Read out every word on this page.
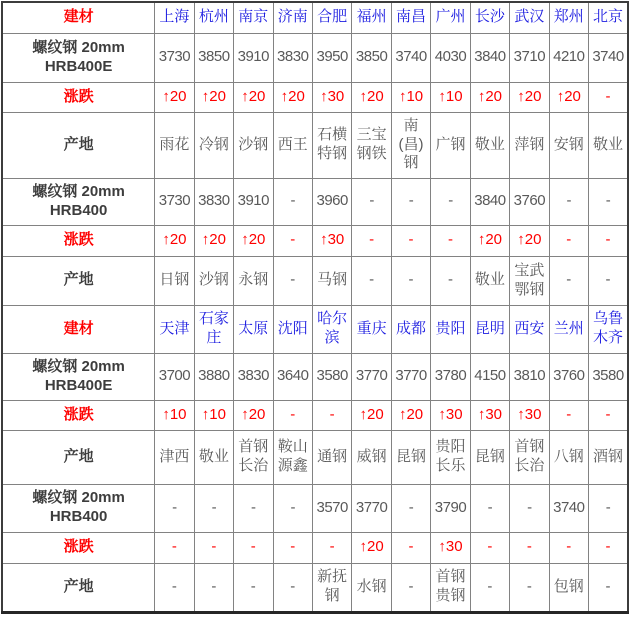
建材	上海	杭州	南京	济南	合肥	福州	南昌	广州	长沙	武汉	郑州	北京
螺纹钢 20mm HRB400E	3730	3850	3910	3830	3950	3850	3740	4030	3840	3710	4210	3740
涨跌	↑20	↑20	↑20	↑20	↑30	↑20	↑10	↑10	↑20	↑20	↑20	-
产地	雨花	冷钢	沙钢	西王	石横特钢	三宝钢铁	南(昌)钢	广钢	敬业	萍钢	安钢	敬业
螺纹钢 20mm HRB400	3730	3830	3910	-	3960	-	-	-	3840	3760	-	-
涨跌	↑20	↑20	↑20	-	↑30	-	-	-	↑20	↑20	-	-
产地	日钢	沙钢	永钢	-	马钢	-	-	-	敬业	宝武鄂钢	-	-
建材	天津	石家庄	太原	沈阳	哈尔滨	重庆	成都	贵阳	昆明	西安	兰州	乌鲁木齐
螺纹钢 20mm HRB400E	3700	3880	3830	3640	3580	3770	3770	3780	4150	3810	3760	3580
涨跌	↑10	↑10	↑20	-	-	↑20	↑20	↑30	↑30	↑30	-	-
产地	津西	敬业	首钢长治	鞍山源鑫	通钢	威钢	昆钢	贵阳长乐	昆钢	首钢长治	八钢	酒钢
螺纹钢 20mm HRB400	-	-	-	-	3570	3770	-	3790	-	-	3740	-
涨跌	-	-	-	-	-	↑20	-	↑30	-	-	-	-
产地	-	-	-	-	新抚钢	水钢	-	首钢贵钢	-	-	包钢	-
